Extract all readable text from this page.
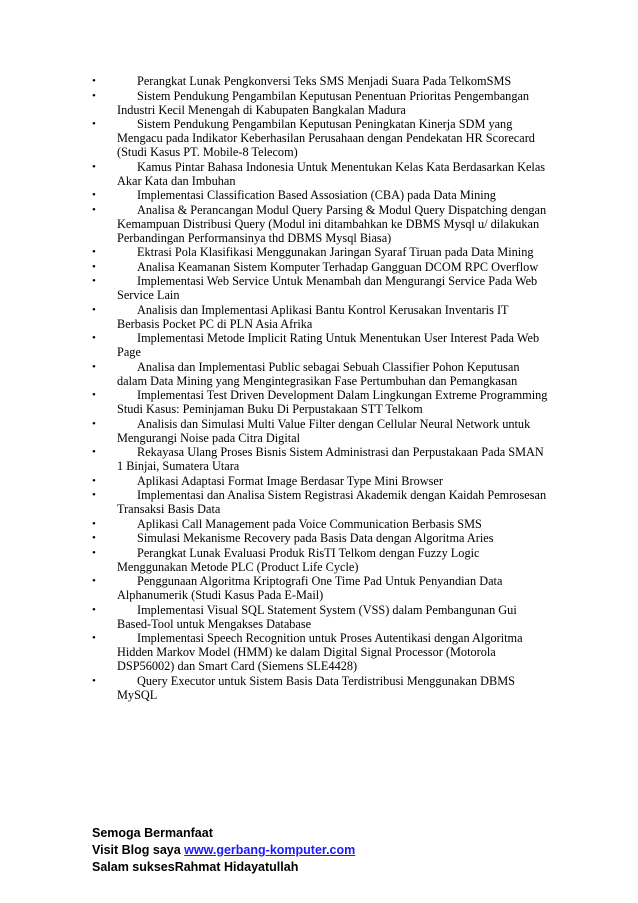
•	Perangkat Lunak Pengkonversi Teks SMS Menjadi Suara Pada TelkomSMS
•	Sistem Pendukung Pengambilan Keputusan Penentuan Prioritas Pengembangan Industri Kecil Menengah di Kabupaten Bangkalan Madura
•	Sistem Pendukung Pengambilan Keputusan Peningkatan Kinerja SDM yang Mengacu pada Indikator Keberhasilan Perusahaan dengan Pendekatan HR Scorecard (Studi Kasus PT. Mobile-8 Telecom)
•	Kamus Pintar Bahasa Indonesia Untuk Menentukan Kelas Kata Berdasarkan Kelas Akar Kata dan Imbuhan
•	Implementasi Classification Based Assosiation (CBA) pada Data Mining
•	Analisa & Perancangan Modul Query Parsing & Modul Query Dispatching dengan Kemampuan Distribusi Query (Modul ini ditambahkan ke DBMS Mysql u/ dilakukan Perbandingan Performansinya thd DBMS Mysql Biasa)
•	Ektrasi Pola Klasifikasi Menggunakan Jaringan Syaraf Tiruan pada Data Mining
•	Analisa Keamanan Sistem Komputer Terhadap Gangguan DCOM RPC Overflow
•	Implementasi Web Service Untuk Menambah dan Mengurangi Service Pada Web Service Lain
•	Analisis dan Implementasi Aplikasi Bantu Kontrol Kerusakan Inventaris IT Berbasis Pocket PC di PLN Asia Afrika
•	Implementasi Metode Implicit Rating Untuk Menentukan User Interest Pada Web Page
•	Analisa dan Implementasi Public sebagai Sebuah Classifier Pohon Keputusan dalam Data Mining yang Mengintegrasikan Fase Pertumbuhan dan Pemangkasan
•	Implementasi Test Driven Development Dalam Lingkungan Extreme Programming Studi Kasus: Peminjaman Buku Di Perpustakaan STT Telkom
•	Analisis dan Simulasi Multi Value Filter dengan Cellular Neural Network untuk Mengurangi Noise pada Citra Digital
•	Rekayasa Ulang Proses Bisnis Sistem Administrasi dan Perpustakaan Pada SMAN 1 Binjai, Sumatera Utara
•	Aplikasi Adaptasi Format Image Berdasar Type Mini Browser
•	Implementasi dan Analisa Sistem Registrasi Akademik dengan Kaidah Pemrosesan Transaksi Basis Data
•	Aplikasi Call Management pada Voice Communication Berbasis SMS
•	Simulasi Mekanisme Recovery pada Basis Data dengan Algoritma Aries
•	Perangkat Lunak Evaluasi Produk RisTI Telkom dengan Fuzzy Logic Menggunakan Metode PLC (Product Life Cycle)
•	Penggunaan Algoritma Kriptografi One Time Pad Untuk Penyandian Data Alphanumerik (Studi Kasus Pada E-Mail)
•	Implementasi Visual SQL Statement System (VSS) dalam Pembangunan Gui Based-Tool untuk Mengakses Database
•	Implementasi Speech Recognition untuk Proses Autentikasi dengan Algoritma Hidden Markov Model (HMM) ke dalam Digital Signal Processor (Motorola DSP56002) dan Smart Card (Siemens SLE4428)
•	Query Executor untuk Sistem Basis Data Terdistribusi Menggunakan DBMS MySQL
Semoga Bermanfaat
Visit Blog saya www.gerbang-komputer.com
Salam suksesRahmat Hidayatullah
